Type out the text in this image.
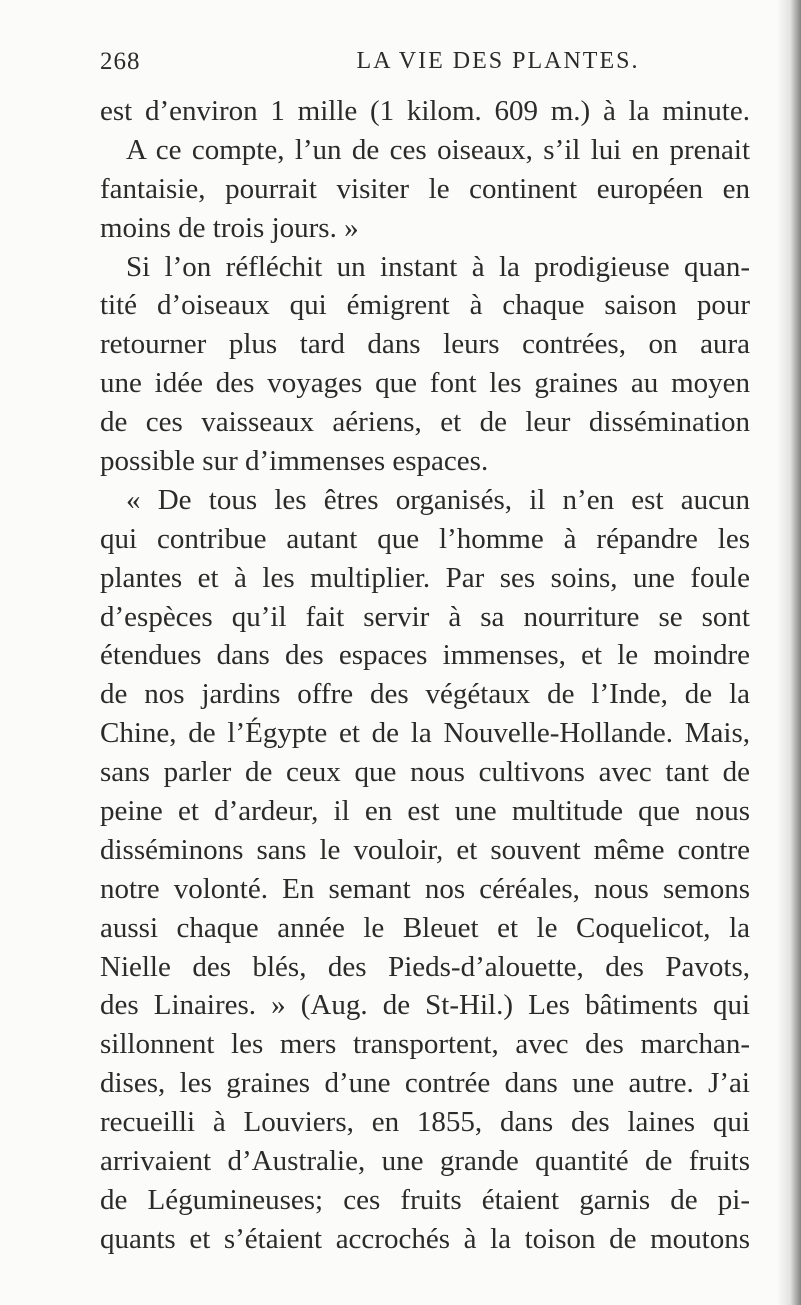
268	LA VIE DES PLANTES.
est d’environ 1 mille (1 kilom. 609 m.) à la minute.
A ce compte, l’un de ces oiseaux, s’il lui en prenait
fantaisie, pourrait visiter le continent européen en
moins de trois jours. »
Si l’on réfléchit un instant à la prodigieuse quan-
tité d’oiseaux qui émigrent à chaque saison pour
retourner plus tard dans leurs contrées, on aura
une idée des voyages que font les graines au moyen
de ces vaisseaux aériens, et de leur dissémination
possible sur d’immenses espaces.
« De tous les êtres organisés, il n’en est aucun
qui contribue autant que l’homme à répandre les
plantes et à les multiplier. Par ses soins, une foule
d’espèces qu’il fait servir à sa nourriture se sont
étendues dans des espaces immenses, et le moindre
de nos jardins offre des végétaux de l’Inde, de la
Chine, de l’Égypte et de la Nouvelle-Hollande. Mais,
sans parler de ceux que nous cultivons avec tant de
peine et d’ardeur, il en est une multitude que nous
disséminons sans le vouloir, et souvent même contre
notre volonté. En semant nos céréales, nous semons
aussi chaque année le Bleuet et le Coquelicot, la
Nielle des blés, des Pieds-d’alouette, des Pavots,
des Linaires. » (Aug. de St-Hil.) Les bâtiments qui
sillonnent les mers transportent, avec des marchan-
dises, les graines d’une contrée dans une autre. J’ai
recueilli à Louviers, en 1855, dans des laines qui
arrivaient d’Australie, une grande quantité de fruits
de Légumineuses; ces fruits étaient garnis de pi-
quants et s’étaient accrochés à la toison de moutons
